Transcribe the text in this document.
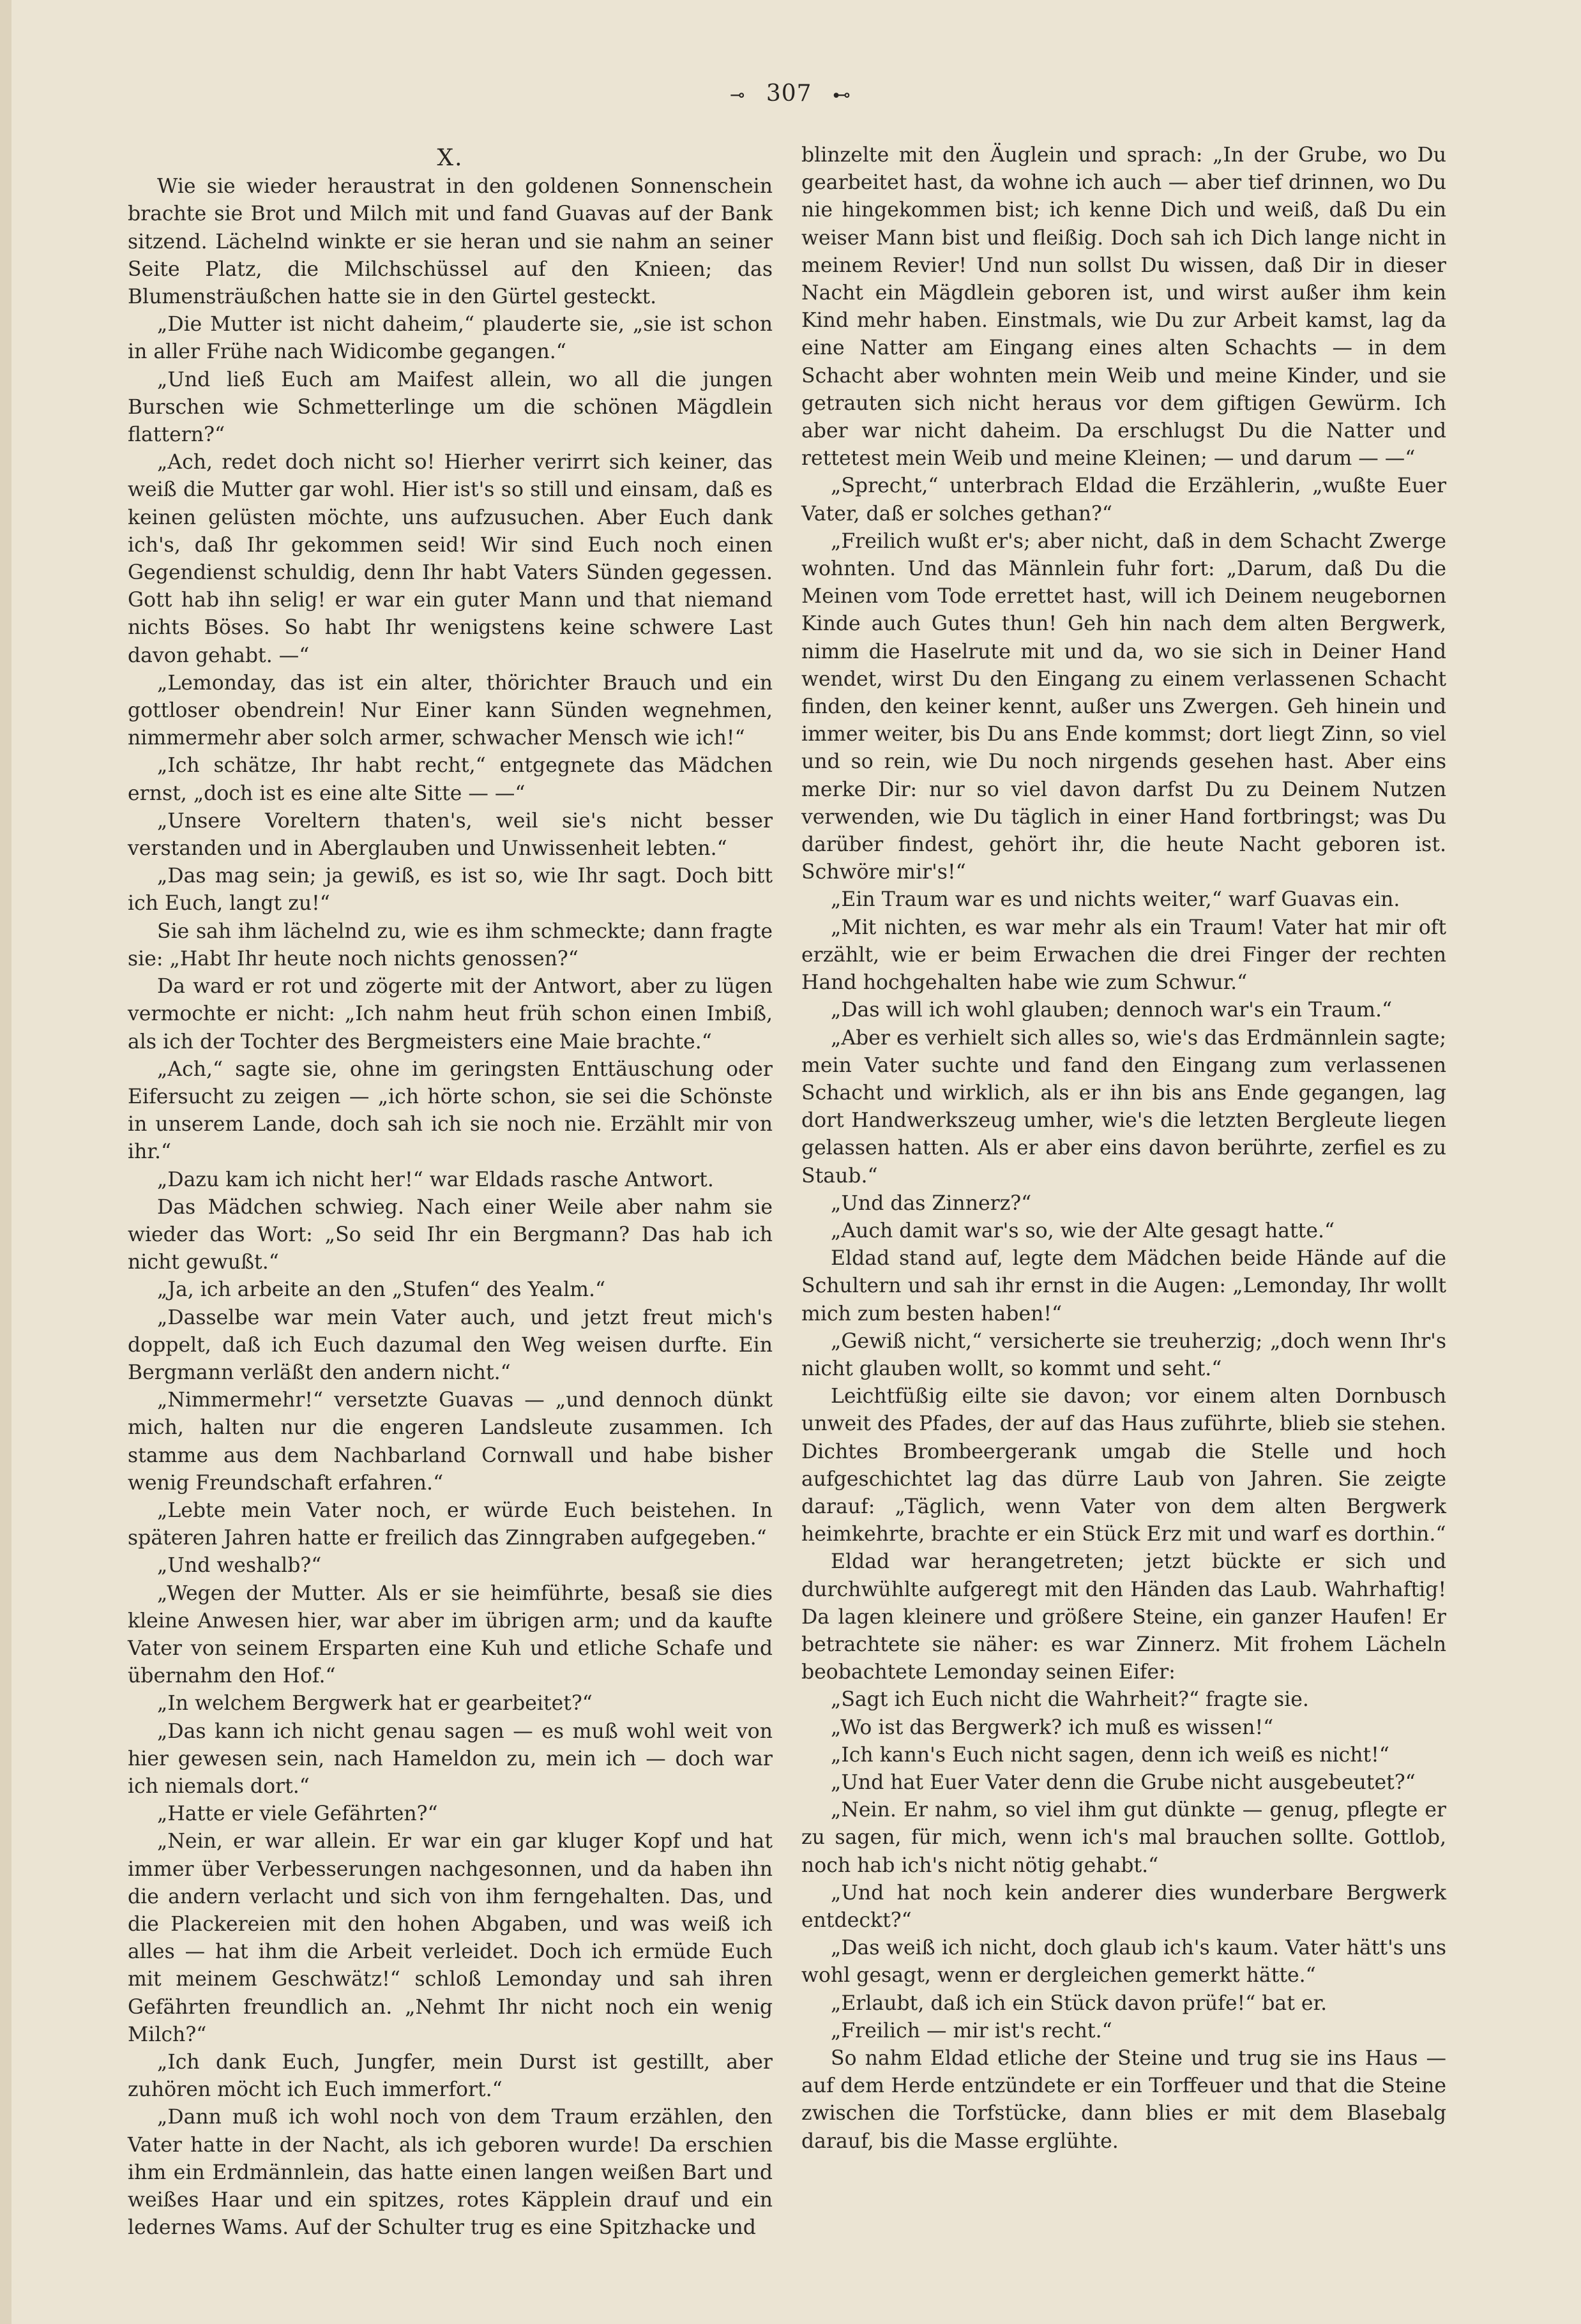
⊸ 307 ⊷
X.

Wie sie wieder heraustrat in den goldenen Sonnenschein brachte sie Brot und Milch mit und fand Guavas auf der Bank sitzend. Lächelnd winkte er sie heran und sie nahm an seiner Seite Platz, die Milchschüssel auf den Knieen; das Blumensträußchen hatte sie in den Gürtel gesteckt.

„Die Mutter ist nicht daheim,“ plauderte sie, „sie ist schon in aller Frühe nach Widicombe gegangen.“

„Und ließ Euch am Maifest allein, wo all die jungen Burschen wie Schmetterlinge um die schönen Mägdlein flattern?“

„Ach, redet doch nicht so! Hierher verirrt sich keiner, das weiß die Mutter gar wohl. Hier ist's so still und einsam, daß es keinen gelüsten möchte, uns aufzusuchen. Aber Euch dank ich's, daß Ihr gekommen seid! Wir sind Euch noch einen Gegendienst schuldig, denn Ihr habt Vaters Sünden gegessen. Gott hab ihn selig! er war ein guter Mann und that niemand nichts Böses. So habt Ihr wenigstens keine schwere Last davon gehabt. —“

„Lemonday, das ist ein alter, thörichter Brauch und ein gottloser obendrein! Nur Einer kann Sünden wegnehmen, nimmermehr aber solch armer, schwacher Mensch wie ich!“

„Ich schätze, Ihr habt recht,“ entgegnete das Mädchen ernst, „doch ist es eine alte Sitte — —“

„Unsere Voreltern thaten's, weil sie's nicht besser verstanden und in Aberglauben und Unwissenheit lebten.“

„Das mag sein; ja gewiß, es ist so, wie Ihr sagt. Doch bitt ich Euch, langt zu!“

Sie sah ihm lächelnd zu, wie es ihm schmeckte; dann fragte sie: „Habt Ihr heute noch nichts genossen?“

Da ward er rot und zögerte mit der Antwort, aber zu lügen vermochte er nicht: „Ich nahm heut früh schon einen Imbiß, als ich der Tochter des Bergmeisters eine Maie brachte.“

„Ach,“ sagte sie, ohne im geringsten Enttäuschung oder Eifersucht zu zeigen — „ich hörte schon, sie sei die Schönste in unserem Lande, doch sah ich sie noch nie. Erzählt mir von ihr.“

„Dazu kam ich nicht her!“ war Eldads rasche Antwort.

Das Mädchen schwieg. Nach einer Weile aber nahm sie wieder das Wort: „So seid Ihr ein Bergmann? Das hab ich nicht gewußt.“

„Ja, ich arbeite an den „Stufen“ des Yealm.“

„Dasselbe war mein Vater auch, und jetzt freut mich's doppelt, daß ich Euch dazumal den Weg weisen durfte. Ein Bergmann verläßt den andern nicht.“

„Nimmermehr!“ versetzte Guavas — „und dennoch dünkt mich, halten nur die engeren Landsleute zusammen. Ich stamme aus dem Nachbarland Cornwall und habe bisher wenig Freundschaft erfahren.“

„Lebte mein Vater noch, er würde Euch beistehen. In späteren Jahren hatte er freilich das Zinngraben aufgegeben.“

„Und weshalb?“

„Wegen der Mutter. Als er sie heimführte, besaß sie dies kleine Anwesen hier, war aber im übrigen arm; und da kaufte Vater von seinem Ersparten eine Kuh und etliche Schafe und übernahm den Hof.“

„In welchem Bergwerk hat er gearbeitet?“

„Das kann ich nicht genau sagen — es muß wohl weit von hier gewesen sein, nach Hameldon zu, mein ich — doch war ich niemals dort.“

„Hatte er viele Gefährten?“

„Nein, er war allein. Er war ein gar kluger Kopf und hat immer über Verbesserungen nachgesonnen, und da haben ihn die andern verlacht und sich von ihm ferngehalten. Das, und die Plackereien mit den hohen Abgaben, und was weiß ich alles — hat ihm die Arbeit verleidet. Doch ich ermüde Euch mit meinem Geschwätz!“ schloß Lemonday und sah ihren Gefährten freundlich an. „Nehmt Ihr nicht noch ein wenig Milch?“

„Ich dank Euch, Jungfer, mein Durst ist gestillt, aber zuhören möcht ich Euch immerfort.“

„Dann muß ich wohl noch von dem Traum erzählen, den Vater hatte in der Nacht, als ich geboren wurde! Da erschien ihm ein Erdmännlein, das hatte einen langen weißen Bart und weißes Haar und ein spitzes, rotes Käpplein drauf und ein ledernes Wams. Auf der Schulter trug es eine Spitzhacke und

blinzelte mit den Äuglein und sprach: „In der Grube, wo Du gearbeitet hast, da wohne ich auch — aber tief drinnen, wo Du nie hingekommen bist; ich kenne Dich und weiß, daß Du ein weiser Mann bist und fleißig. Doch sah ich Dich lange nicht in meinem Revier! Und nun sollst Du wissen, daß Dir in dieser Nacht ein Mägdlein geboren ist, und wirst außer ihm kein Kind mehr haben. Einstmals, wie Du zur Arbeit kamst, lag da eine Natter am Eingang eines alten Schachts — in dem Schacht aber wohnten mein Weib und meine Kinder, und sie getrauten sich nicht heraus vor dem giftigen Gewürm. Ich aber war nicht daheim. Da erschlugst Du die Natter und rettetest mein Weib und meine Kleinen; — und darum — —“

„Sprecht,“ unterbrach Eldad die Erzählerin, „wußte Euer Vater, daß er solches gethan?“

„Freilich wußt er's; aber nicht, daß in dem Schacht Zwerge wohnten. Und das Männlein fuhr fort: „Darum, daß Du die Meinen vom Tode errettet hast, will ich Deinem neugebornen Kinde auch Gutes thun! Geh hin nach dem alten Bergwerk, nimm die Haselrute mit und da, wo sie sich in Deiner Hand wendet, wirst Du den Eingang zu einem verlassenen Schacht finden, den keiner kennt, außer uns Zwergen. Geh hinein und immer weiter, bis Du ans Ende kommst; dort liegt Zinn, so viel und so rein, wie Du noch nirgends gesehen hast. Aber eins merke Dir: nur so viel davon darfst Du zu Deinem Nutzen verwenden, wie Du täglich in einer Hand fortbringst; was Du darüber findest, gehört ihr, die heute Nacht geboren ist. Schwöre mir's!“

„Ein Traum war es und nichts weiter,“ warf Guavas ein.

„Mit nichten, es war mehr als ein Traum! Vater hat mir oft erzählt, wie er beim Erwachen die drei Finger der rechten Hand hochgehalten habe wie zum Schwur.“

„Das will ich wohl glauben; dennoch war's ein Traum.“

„Aber es verhielt sich alles so, wie's das Erdmännlein sagte; mein Vater suchte und fand den Eingang zum verlassenen Schacht und wirklich, als er ihn bis ans Ende gegangen, lag dort Handwerkszeug umher, wie's die letzten Bergleute liegen gelassen hatten. Als er aber eins davon berührte, zerfiel es zu Staub.“

„Und das Zinnerz?“

„Auch damit war's so, wie der Alte gesagt hatte.“

Eldad stand auf, legte dem Mädchen beide Hände auf die Schultern und sah ihr ernst in die Augen: „Lemonday, Ihr wollt mich zum besten haben!“

„Gewiß nicht,“ versicherte sie treuherzig; „doch wenn Ihr's nicht glauben wollt, so kommt und seht.“

Leichtfüßig eilte sie davon; vor einem alten Dornbusch unweit des Pfades, der auf das Haus zuführte, blieb sie stehen. Dichtes Brombeergerank umgab die Stelle und hoch aufgeschichtet lag das dürre Laub von Jahren. Sie zeigte darauf: „Täglich, wenn Vater von dem alten Bergwerk heimkehrte, brachte er ein Stück Erz mit und warf es dorthin.“

Eldad war herangetreten; jetzt bückte er sich und durchwühlte aufgeregt mit den Händen das Laub. Wahrhaftig! Da lagen kleinere und größere Steine, ein ganzer Haufen! Er betrachtete sie näher: es war Zinnerz. Mit frohem Lächeln beobachtete Lemonday seinen Eifer:

„Sagt ich Euch nicht die Wahrheit?“ fragte sie.

„Wo ist das Bergwerk? ich muß es wissen!“

„Ich kann's Euch nicht sagen, denn ich weiß es nicht!“

„Und hat Euer Vater denn die Grube nicht ausgebeutet?“

„Nein. Er nahm, so viel ihm gut dünkte — genug, pflegte er zu sagen, für mich, wenn ich's mal brauchen sollte. Gottlob, noch hab ich's nicht nötig gehabt.“

„Und hat noch kein anderer dies wunderbare Bergwerk entdeckt?“

„Das weiß ich nicht, doch glaub ich's kaum. Vater hätt's uns wohl gesagt, wenn er dergleichen gemerkt hätte.“

„Erlaubt, daß ich ein Stück davon prüfe!“ bat er.

„Freilich — mir ist's recht.“

So nahm Eldad etliche der Steine und trug sie ins Haus — auf dem Herde entzündete er ein Torffeuer und that die Steine zwischen die Torfstücke, dann blies er mit dem Blasebalg darauf, bis die Masse erglühte.
